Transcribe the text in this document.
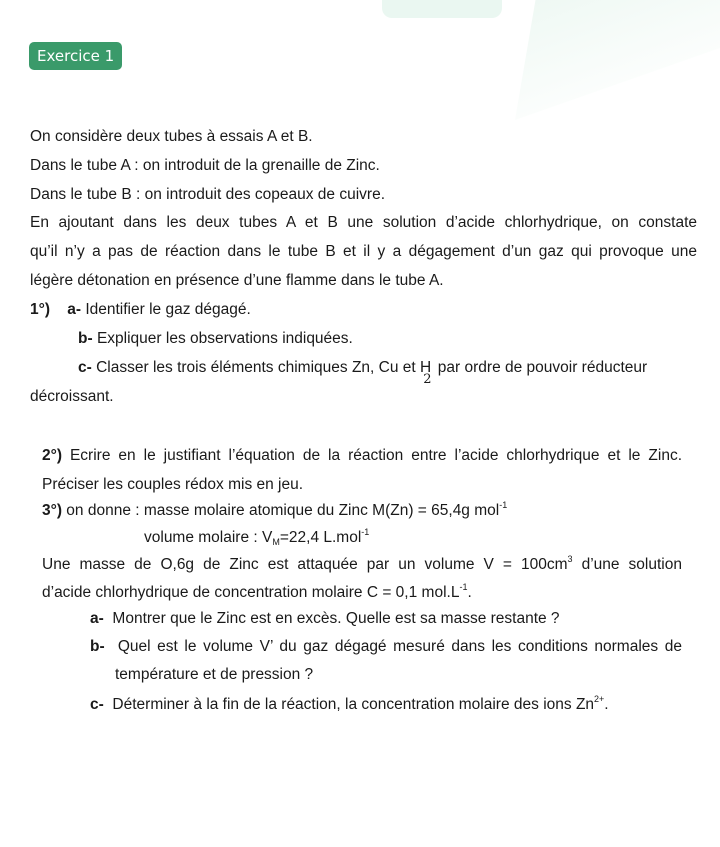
Exercice 1
On considère deux tubes à essais A et B.
Dans le tube A : on introduit de la grenaille de Zinc.
Dans le tube B : on introduit des copeaux de cuivre.
En ajoutant dans les deux tubes A et B une solution d’acide chlorhydrique, on constate
qu’il n’y a pas de réaction dans le tube B et il y a dégagement d’un gaz qui provoque une
légère détonation en présence d’une flamme dans le tube A.
1°) a- Identifier le gaz dégagé.
b- Expliquer les observations indiquées.
c- Classer les trois éléments chimiques Zn, Cu et $H_2$ par ordre de pouvoir réducteur
décroissant.
2°) Ecrire en le justifiant l’équation de la réaction entre l’acide chlorhydrique et le Zinc.
Préciser les couples rédox mis en jeu.
3°) on donne : masse molaire atomique du Zinc M(Zn) = 65,4g mol$^{-1}$
volume molaire : $V_M=22,4$ L.mol$^{-1}$
Une masse de O,6g de Zinc est attaquée par un volume $V = 100cm^3$ d’une solution
d’acide chlorhydrique de concentration molaire C = 0,1 $mol.L^{-1}$.
a- Montrer que le Zinc est en excès. Quelle est sa masse restante ?
b- Quel est le volume V’ du gaz dégagé mesuré dans les conditions normales de
température et de pression ?
c- Déterminer à la fin de la réaction, la concentration molaire des ions $Zn^{2+}$.
